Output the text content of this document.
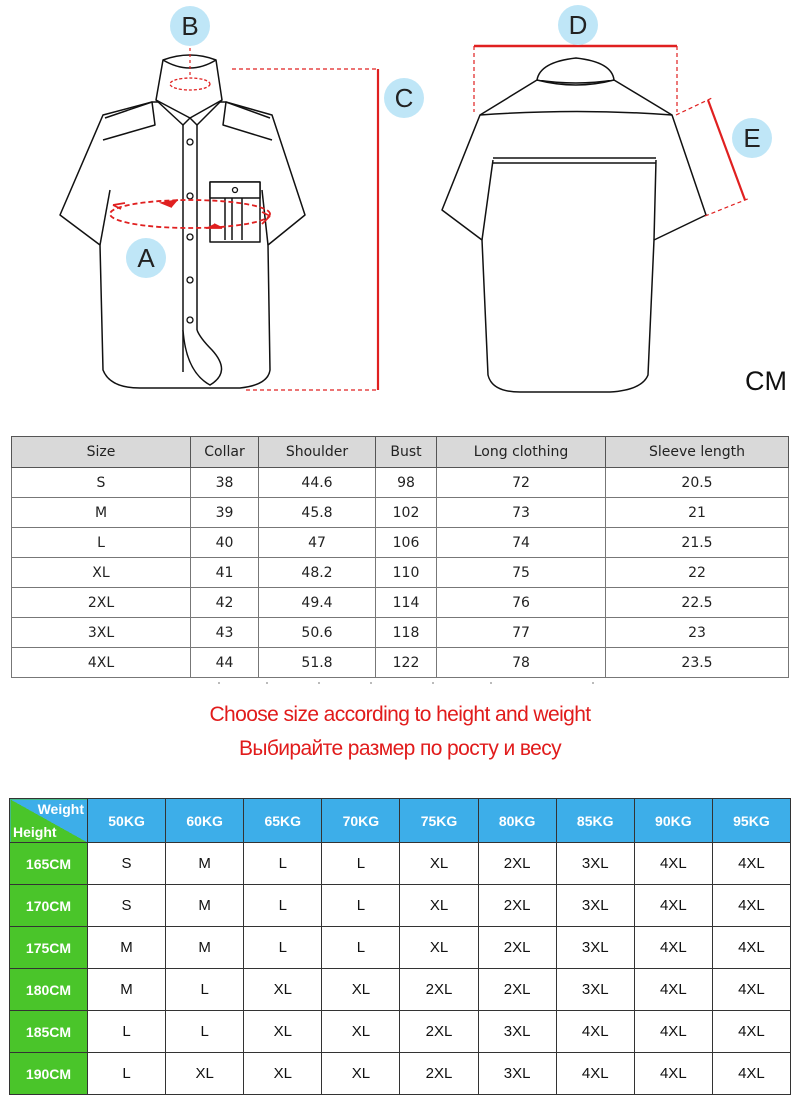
A
B
C
D
E
CM
Size	Collar	Shoulder	Bust	Long clothing	Sleeve length
S	38	44.6	98	72	20.5
M	39	45.8	102	73	21
L	40	47	106	74	21.5
XL	41	48.2	110	75	22
2XL	42	49.4	114	76	22.5
3XL	43	50.6	118	77	23
4XL	44	51.8	122	78	23.5
Choose size according to height and weight
Выбирайте размер по росту и весу
Weight
Height	50KG	60KG	65KG	70KG	75KG	80KG	85KG	90KG	95KG
165CM	S	M	L	L	XL	2XL	3XL	4XL	4XL
170CM	S	M	L	L	XL	2XL	3XL	4XL	4XL
175CM	M	M	L	L	XL	2XL	3XL	4XL	4XL
180CM	M	L	XL	XL	2XL	2XL	3XL	4XL	4XL
185CM	L	L	XL	XL	2XL	3XL	4XL	4XL	4XL
190CM	L	XL	XL	XL	2XL	3XL	4XL	4XL	4XL
